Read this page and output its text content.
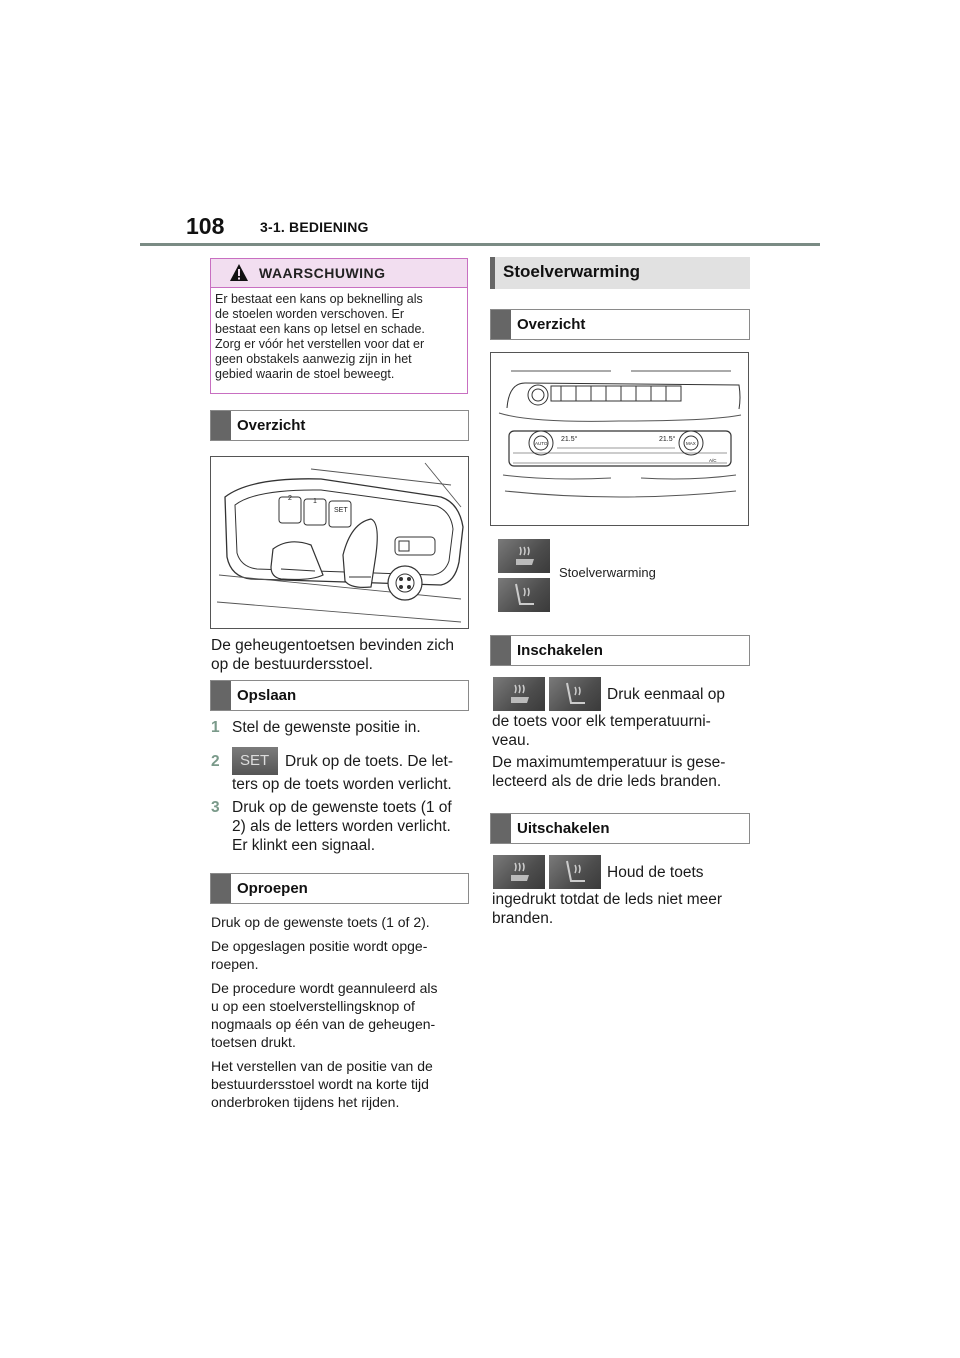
108	3-1. BEDIENING
WAARSCHUWING
Er bestaat een kans op beknelling als
de stoelen worden verschoven. Er
bestaat een kans op letsel en schade.
Zorg er vóór het verstellen voor dat er
geen obstakels aanwezig zijn in het
gebied waarin de stoel beweegt.
Overzicht
2	1
SET
De geheugentoetsen bevinden zich
op de bestuurdersstoel.
Opslaan
1 Stel de gewenste positie in.
2 SET Druk op de toets. De let-
ters op de toets worden verlicht.
3 Druk op de gewenste toets (1 of
2) als de letters worden verlicht.
Er klinkt een signaal.
Oproepen
Druk op de gewenste toets (1 of 2).
De opgeslagen positie wordt opge-
roepen.
De procedure wordt geannuleerd als
u op een stoelverstellingsknop of
nogmaals op één van de geheugen-
toetsen drukt.
Het verstellen van de positie van de
bestuurdersstoel wordt na korte tijd
onderbroken tijdens het rijden.
Stoelverwarming
Overzicht
AUTO	MAX
21.5°	21.5°
A/C
Stoelverwarming
Inschakelen
Druk eenmaal op
de toets voor elk temperatuurni-
veau.
De maximumtemperatuur is gese-
lecteerd als de drie leds branden.
Uitschakelen
Houd de toets
ingedrukt totdat de leds niet meer
branden.
